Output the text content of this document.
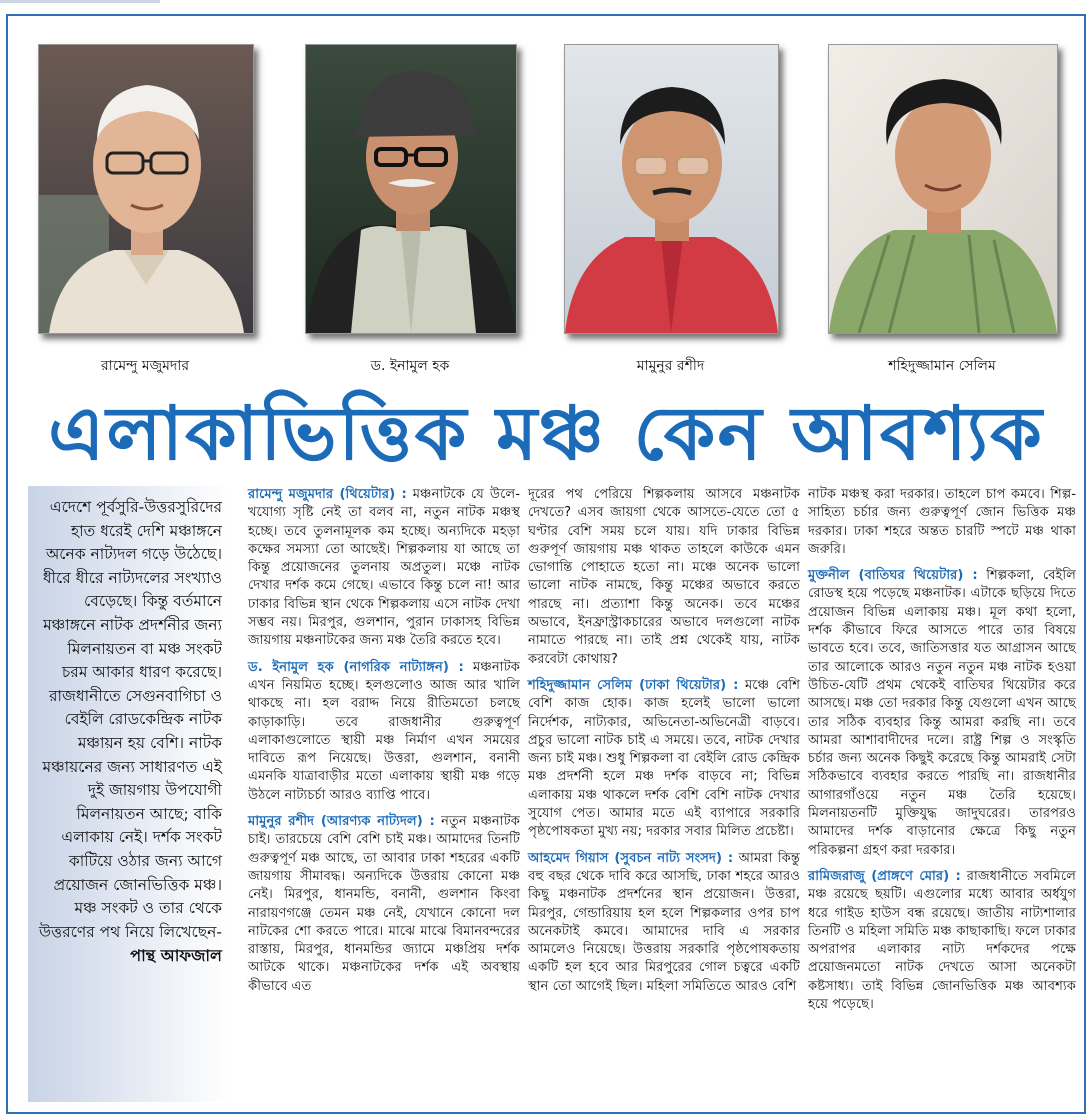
রামেন্দু মজুমদার	ড. ইনামুল হক	মামুনুর রশীদ	শহিদুজ্জামান সেলিম
এলাকাভিত্তিক মঞ্চ কেন আবশ্যক
এদেশে পূর্বসুরি-উত্তরসুরিদের হাত ধরেই দেশি মঞ্চাঙ্গনে অনেক নাট্যদল গড়ে উঠেছে। ধীরে ধীরে নাট্যদলের সংখ্যাও বেড়েছে। কিন্তু বর্তমানে মঞ্চাঙ্গনে নাটক প্রদর্শনীর জন্য মিলনায়তন বা মঞ্চ সংকট চরম আকার ধারণ করেছে। রাজধানীতে সেগুনবাগিচা ও বেইলি রোডকেন্দ্রিক নাটক মঞ্চায়ন হয় বেশি। নাটক মঞ্চায়নের জন্য সাধারণত এই দুই জায়গায় উপযোগী মিলনায়তন আছে; বাকি এলাকায় নেই। দর্শক সংকট কাটিয়ে ওঠার জন্য আগে প্রয়োজন জোনভিত্তিক মঞ্চ। মঞ্চ সংকট ও তার থেকে উত্তরণের পথ নিয়ে লিখেছেন-
পান্থ আফজাল

রামেন্দু মজুমদার (থিয়েটার) : মঞ্চনাটকে যে উলে-খযোগ্য সৃষ্টি নেই তা বলব না, নতুন নাটক মঞ্চস্থ হচ্ছে। তবে তুলনামূলক কম হচ্ছে। অন্যদিকে মহড়া কক্ষের সমস্যা তো আছেই। শিল্পকলায় যা আছে তা কিন্তু প্রয়োজনের তুলনায় অপ্রতুল। মঞ্চে নাটক দেখার দর্শক কমে গেছে। এভাবে কিন্তু চলে না! আর ঢাকার বিভিন্ন স্থান থেকে শিল্পকলায় এসে নাটক দেখা সম্ভব নয়। মিরপুর, গুলশান, পুরান ঢাকাসহ বিভিন্ন জায়গায় মঞ্চনাটকের জন্য মঞ্চ তৈরি করতে হবে।

ড. ইনামুল হক (নাগরিক নাট্যাঙ্গন) : মঞ্চনাটক এখন নিয়মিত হচ্ছে। হলগুলোও আজ আর খালি থাকছে না। হল বরাদ্দ নিয়ে রীতিমতো চলছে কাড়াকাড়ি। তবে রাজধানীর গুরুত্বপূর্ণ এলাকাগুলোতে স্থায়ী মঞ্চ নির্মাণ এখন সময়ের দাবিতে রূপ নিয়েছে। উত্তরা, গুলশান, বনানী এমনকি যাত্রাবাড়ীর মতো এলাকায় স্থায়ী মঞ্চ গড়ে উঠলে নাট্যচর্চা আরও ব্যাপ্তি পাবে।

মামুনুর রশীদ (আরণ্যক নাট্যদল) : নতুন মঞ্চনাটক চাই। তারচেয়ে বেশি বেশি চাই মঞ্চ। আমাদের তিনটি গুরুত্বপূর্ণ মঞ্চ আছে, তা আবার ঢাকা শহরের একটি জায়গায় সীমাবদ্ধ। অন্যদিকে উত্তরায় কোনো মঞ্চ নেই। মিরপুর, ধানমন্ডি, বনানী, গুলশান কিংবা নারায়ণগঞ্জে তেমন মঞ্চ নেই, যেখানে কোনো দল নাটকের শো করতে পারে। মাঝে মাঝে বিমানবন্দরের রাস্তায়, মিরপুর, ধানমন্ডির জ্যামে মঞ্চপ্রিয় দর্শক আটকে থাকে। মঞ্চনাটকের দর্শক এই অবস্থায় কীভাবে এত

দূরের পথ পেরিয়ে শিল্পকলায় আসবে মঞ্চনাটক দেখতে? এসব জায়গা থেকে আসতে-যেতে তো ৫ ঘণ্টার বেশি সময় চলে যায়। যদি ঢাকার বিভিন্ন গুরুপূর্ণ জায়গায় মঞ্চ থাকত তাহলে কাউকে এমন ভোগান্তি পোহাতে হতো না। মঞ্চে অনেক ভালো ভালো নাটক নামছে, কিন্তু মঞ্চের অভাবে করতে পারছে না। প্রত্যাশা কিন্তু অনেক। তবে মঞ্চের অভাবে, ইনফ্রাস্ট্রাকচারের অভাবে দলগুলো নাটক নামাতে পারছে না। তাই প্রশ্ন থেকেই যায়, নাটক করবেটা কোথায়?

শহিদুজ্জামান সেলিম (ঢাকা থিয়েটার) : মঞ্চে বেশি বেশি কাজ হোক। কাজ হলেই ভালো ভালো নির্দেশক, নাট্যকার, অভিনেতা-অভিনেত্রী বাড়বে। প্রচুর ভালো নাটক চাই এ সময়ে। তবে, নাটক দেখার জন্য চাই মঞ্চ। শুধু শিল্পকলা বা বেইলি রোড কেন্দ্রিক মঞ্চ প্রদর্শনী হলে মঞ্চ দর্শক বাড়বে না; বিভিন্ন এলাকায় মঞ্চ থাকলে দর্শক বেশি বেশি নাটক দেখার সুযোগ পেত। আমার মতে এই ব্যাপারে সরকারি পৃষ্ঠপোষকতা মুখ্য নয়; দরকার সবার মিলিত প্রচেষ্টা।

আহমেদ গিয়াস (সুবচন নাট্য সংসদ) : আমরা কিন্তু বহু বছর থেকে দাবি করে আসছি, ঢাকা শহরে আরও কিছু মঞ্চনাটক প্রদর্শনের স্থান প্রয়োজন। উত্তরা, মিরপুর, গেন্ডারিয়ায় হল হলে শিল্পকলার ওপর চাপ অনেকটাই কমবে। আমাদের দাবি এ সরকার আমলেও নিয়েছে। উত্তরায় সরকারি পৃষ্ঠপোষকতায় একটি হল হবে আর মিরপুরের গোল চত্বরে একটি স্থান তো আগেই ছিল। মহিলা সমিতিতে আরও বেশি

নাটক মঞ্চস্থ করা দরকার। তাহলে চাপ কমবে। শিল্প-সাহিত্য চর্চার জন্য গুরুত্বপূর্ণ জোন ভিত্তিক মঞ্চ দরকার। ঢাকা শহরে অন্তত চারটি স্পটে মঞ্চ থাকা জরুরি।

মুক্তনীল (বাতিঘর থিয়েটার) : শিল্পকলা, বেইলি রোডস্থ হয়ে পড়েছে মঞ্চনাটক। এটাকে ছড়িয়ে দিতে প্রয়োজন বিভিন্ন এলাকায় মঞ্চ। মূল কথা হলো, দর্শক কীভাবে ফিরে আসতে পারে তার বিষয়ে ভাবতে হবে। তবে, জাতিসত্তার যত আগ্রাসন আছে তার আলোকে আরও নতুন নতুন মঞ্চ নাটক হওয়া উচিত-যেটি প্রথম থেকেই বাতিঘর থিয়েটার করে আসছে। মঞ্চ তো দরকার কিন্তু যেগুলো এখন আছে তার সঠিক ব্যবহার কিন্তু আমরা করছি না। তবে আমরা আশাবাদীদের দলে। রাষ্ট্র শিল্প ও সংস্কৃতি চর্চার জন্য অনেক কিছুই করেছে কিন্তু আমরাই সেটা সঠিকভাবে ব্যবহার করতে পারছি না। রাজধানীর আগারগাঁওয়ে নতুন মঞ্চ তৈরি হয়েছে। মিলনায়তনটি মুক্তিযুদ্ধ জাদুঘরের। তারপরও আমাদের দর্শক বাড়ানোর ক্ষেত্রে কিছু নতুন পরিকল্পনা গ্রহণ করা দরকার।

রামিজরাজু (প্রাঙ্গণে মোর) : রাজধানীতে সবমিলে মঞ্চ রয়েছে ছয়টি। এগুলোর মধ্যে আবার অর্ধযুগ ধরে গাইড হাউস বন্ধ রয়েছে। জাতীয় নাট্যশালার তিনটি ও মহিলা সমিতি মঞ্চ কাছাকাছি। ফলে ঢাকার অপরাপর এলাকার নাট্য দর্শকদের পক্ষে প্রয়োজনমতো নাটক দেখতে আসা অনেকটা কষ্টসাধ্য। তাই বিভিন্ন জোনভিত্তিক মঞ্চ আবশ্যক হয়ে পড়েছে।
